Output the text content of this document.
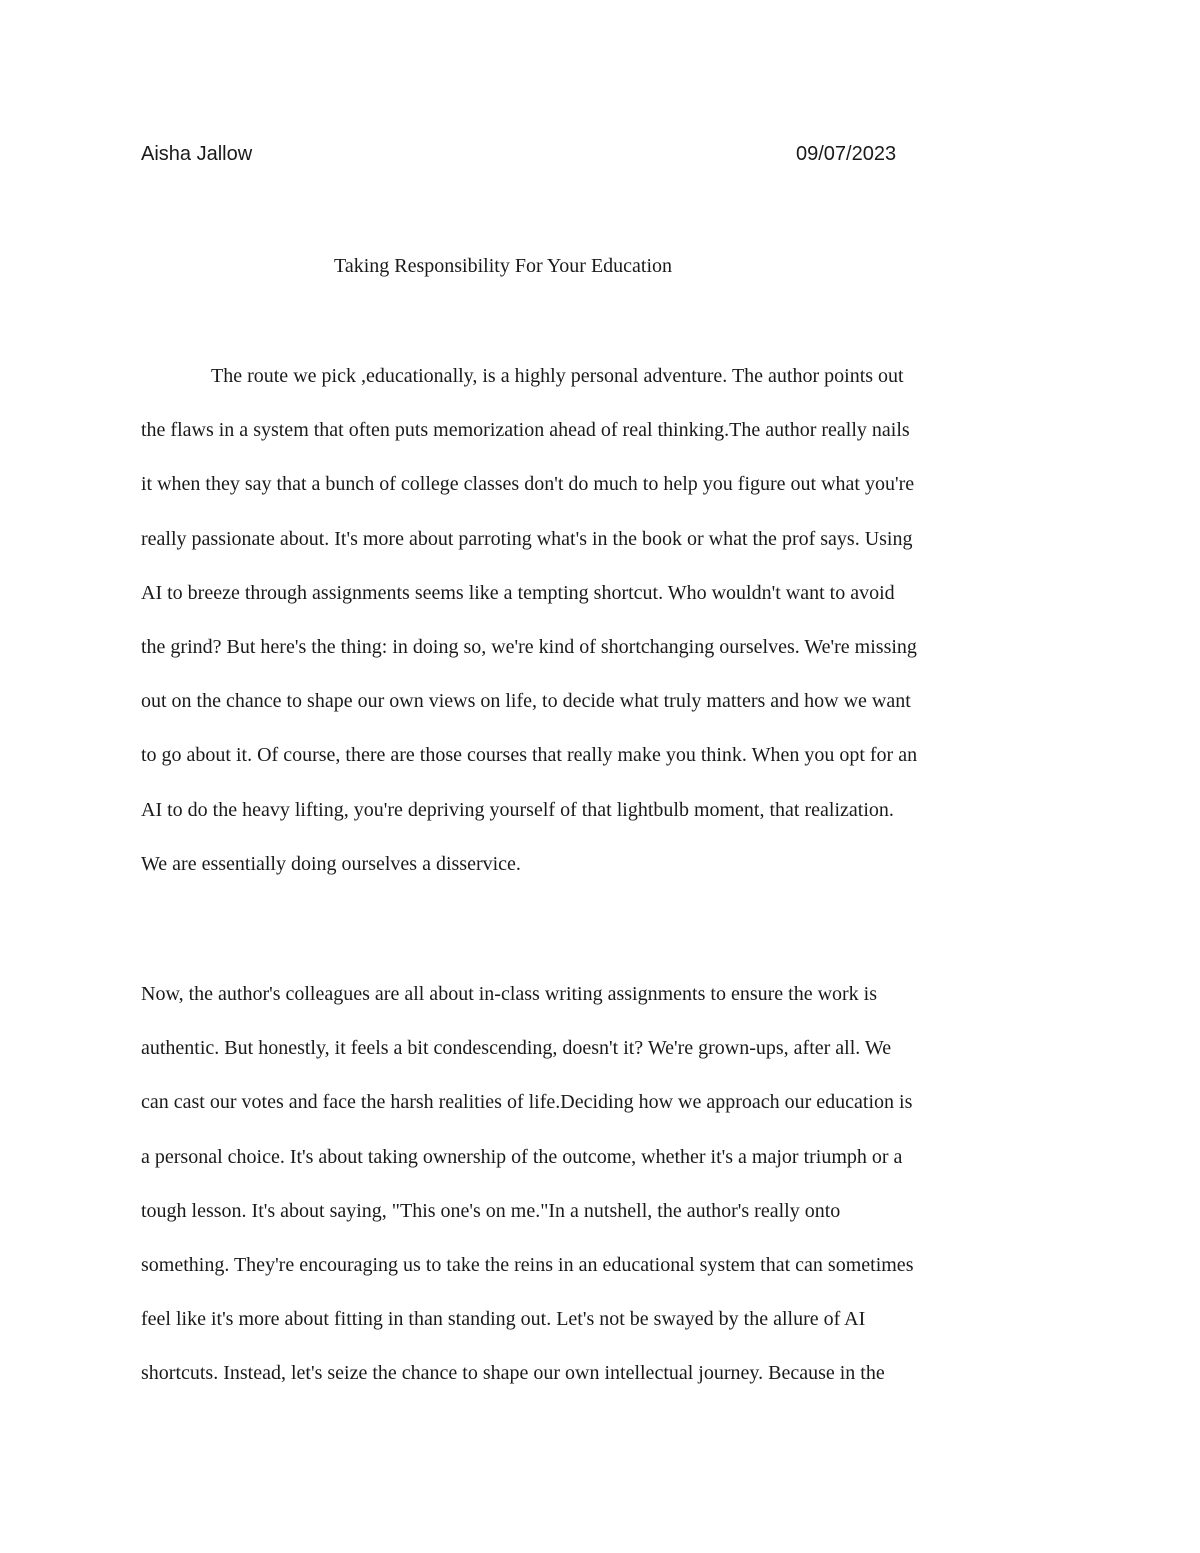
Aisha Jallow	09/07/2023
Taking Responsibility For Your Education
The route we pick ,educationally, is a highly personal adventure. The author points out
the flaws in a system that often puts memorization ahead of real thinking.The author really nails
it when they say that a bunch of college classes don't do much to help you figure out what you're
really passionate about. It's more about parroting what's in the book or what the prof says. Using
AI to breeze through assignments seems like a tempting shortcut. Who wouldn't want to avoid
the grind? But here's the thing: in doing so, we're kind of shortchanging ourselves. We're missing
out on the chance to shape our own views on life, to decide what truly matters and how we want
to go about it. Of course, there are those courses that really make you think. When you opt for an
AI to do the heavy lifting, you're depriving yourself of that lightbulb moment, that realization.
We are essentially doing ourselves a disservice.
Now, the author's colleagues are all about in-class writing assignments to ensure the work is
authentic. But honestly, it feels a bit condescending, doesn't it? We're grown-ups, after all. We
can cast our votes and face the harsh realities of life.Deciding how we approach our education is
a personal choice. It's about taking ownership of the outcome, whether it's a major triumph or a
tough lesson. It's about saying, "This one's on me."In a nutshell, the author's really onto
something. They're encouraging us to take the reins in an educational system that can sometimes
feel like it's more about fitting in than standing out. Let's not be swayed by the allure of AI
shortcuts. Instead, let's seize the chance to shape our own intellectual journey. Because in the
